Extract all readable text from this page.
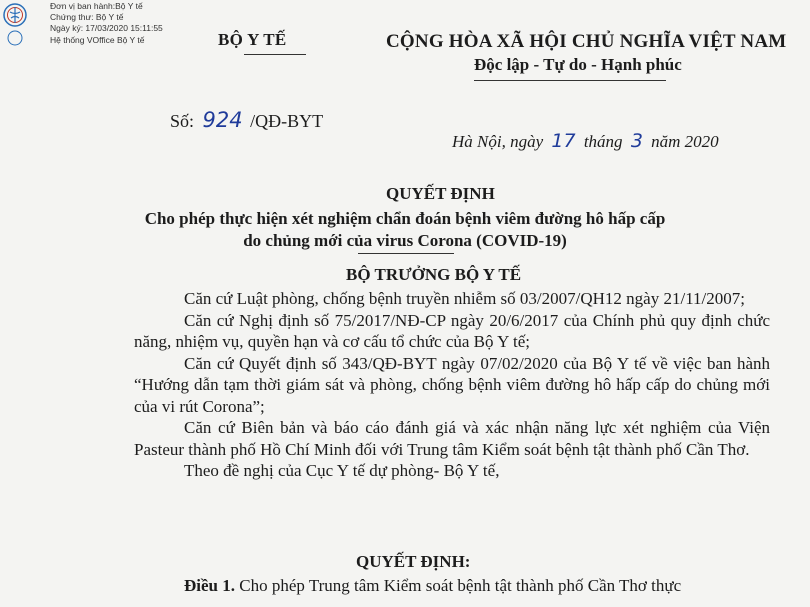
Đơn vị ban hành:Bộ Y tế
Chứng thư: Bộ Y tế
Ngày ký: 17/03/2020 15:11:55
Hệ thống VOffice Bộ Y tế	BỘ Y TẾ	CỘNG HÒA XÃ HỘI CHỦ NGHĨA VIỆT NAM
Độc lập - Tự do - Hạnh phúc
Số: 924 /QĐ-BYT
Hà Nội, ngày 17 tháng 3 năm 2020
QUYẾT ĐỊNH
Cho phép thực hiện xét nghiệm chẩn đoán bệnh viêm đường hô hấp cấp
do chủng mới của virus Corona (COVID-19)
BỘ TRƯỞNG BỘ Y TẾ

Căn cứ Luật phòng, chống bệnh truyền nhiễm số 03/2007/QH12 ngày 21/11/2007;

Căn cứ Nghị định số 75/2017/NĐ-CP ngày 20/6/2017 của Chính phủ quy định chức năng, nhiệm vụ, quyền hạn và cơ cấu tổ chức của Bộ Y tế;

Căn cứ Quyết định số 343/QĐ-BYT ngày 07/02/2020 của Bộ Y tế về việc ban hành “Hướng dẫn tạm thời giám sát và phòng, chống bệnh viêm đường hô hấp cấp do chủng mới của vi rút Corona”;

Căn cứ Biên bản và báo cáo đánh giá và xác nhận năng lực xét nghiệm của Viện Pasteur thành phố Hồ Chí Minh đối với Trung tâm Kiểm soát bệnh tật thành phố Cần Thơ.

Theo đề nghị của Cục Y tế dự phòng- Bộ Y tế,

QUYẾT ĐỊNH:
Điều 1. Cho phép Trung tâm Kiểm soát bệnh tật thành phố Cần Thơ thực
